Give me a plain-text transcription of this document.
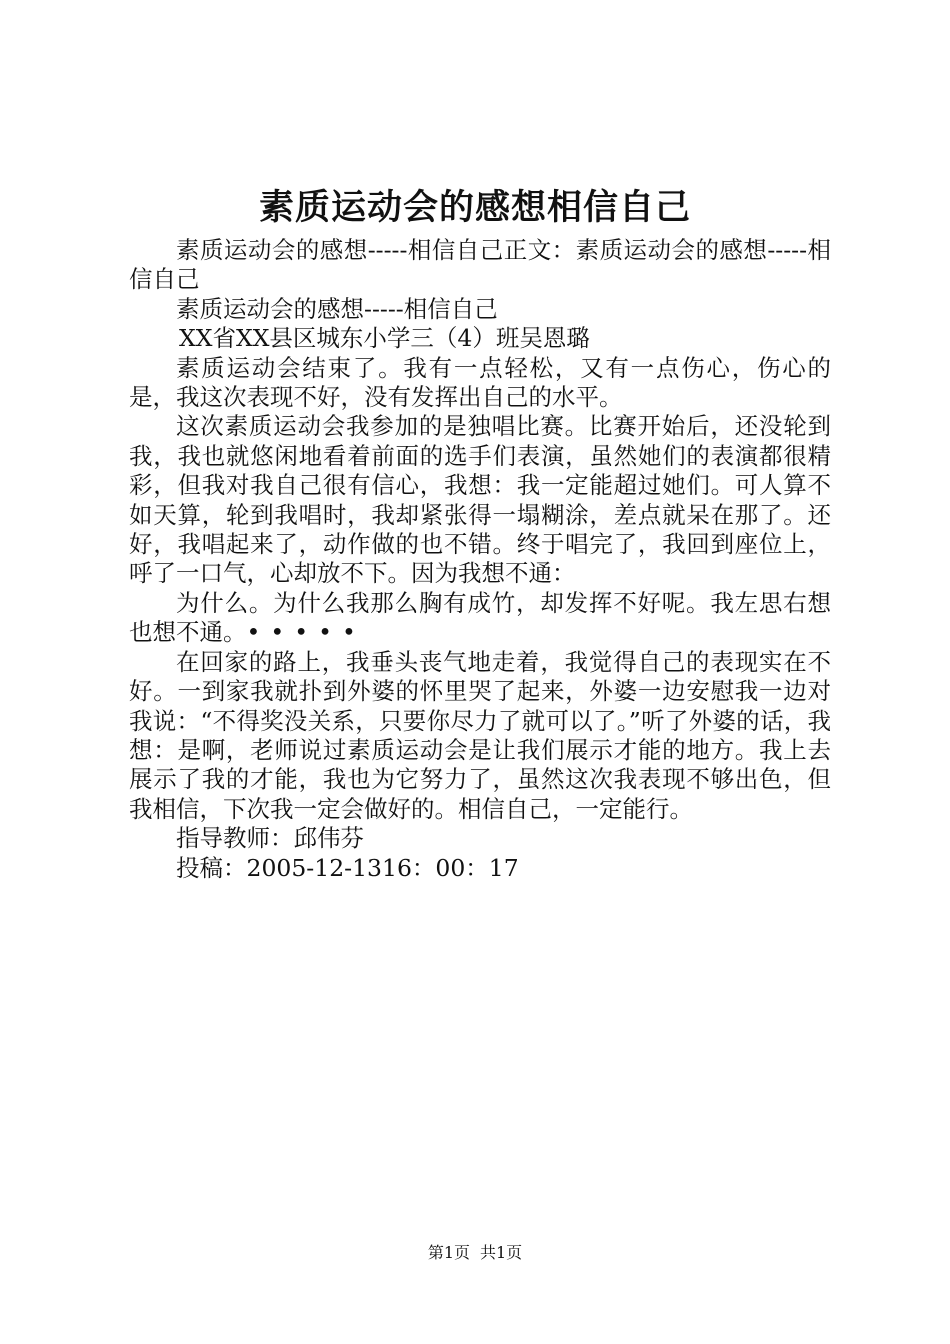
素质运动会的感想相信自己

素质运动会的感想-----相信自己正文：素质运动会的感想-----相信自己

素质运动会的感想-----相信自己

XX省XX县区城东小学三（4）班吴恩璐

素质运动会结束了。我有一点轻松，又有一点伤心，伤心的是，我这次表现不好，没有发挥出自己的水平。

这次素质运动会我参加的是独唱比赛。比赛开始后，还没轮到我，我也就悠闲地看着前面的选手们表演，虽然她们的表演都很精彩，但我对我自己很有信心，我想：我一定能超过她们。可人算不如天算，轮到我唱时，我却紧张得一塌糊涂，差点就呆在那了。还好，我唱起来了，动作做的也不错。终于唱完了，我回到座位上，呼了一口气，心却放不下。因为我想不通：

为什么。为什么我那么胸有成竹，却发挥不好呢。我左思右想也想不通。•••••

在回家的路上，我垂头丧气地走着，我觉得自己的表现实在不好。一到家我就扑到外婆的怀里哭了起来，外婆一边安慰我一边对我说：“不得奖没关系，只要你尽力了就可以了。”听了外婆的话，我想：是啊，老师说过素质运动会是让我们展示才能的地方。我上去展示了我的才能，我也为它努力了，虽然这次我表现不够出色，但我相信，下次我一定会做好的。相信自己，一定能行。

指导教师：邱伟芬

投稿：2005-12-1316：00：17

第1页 共1页
